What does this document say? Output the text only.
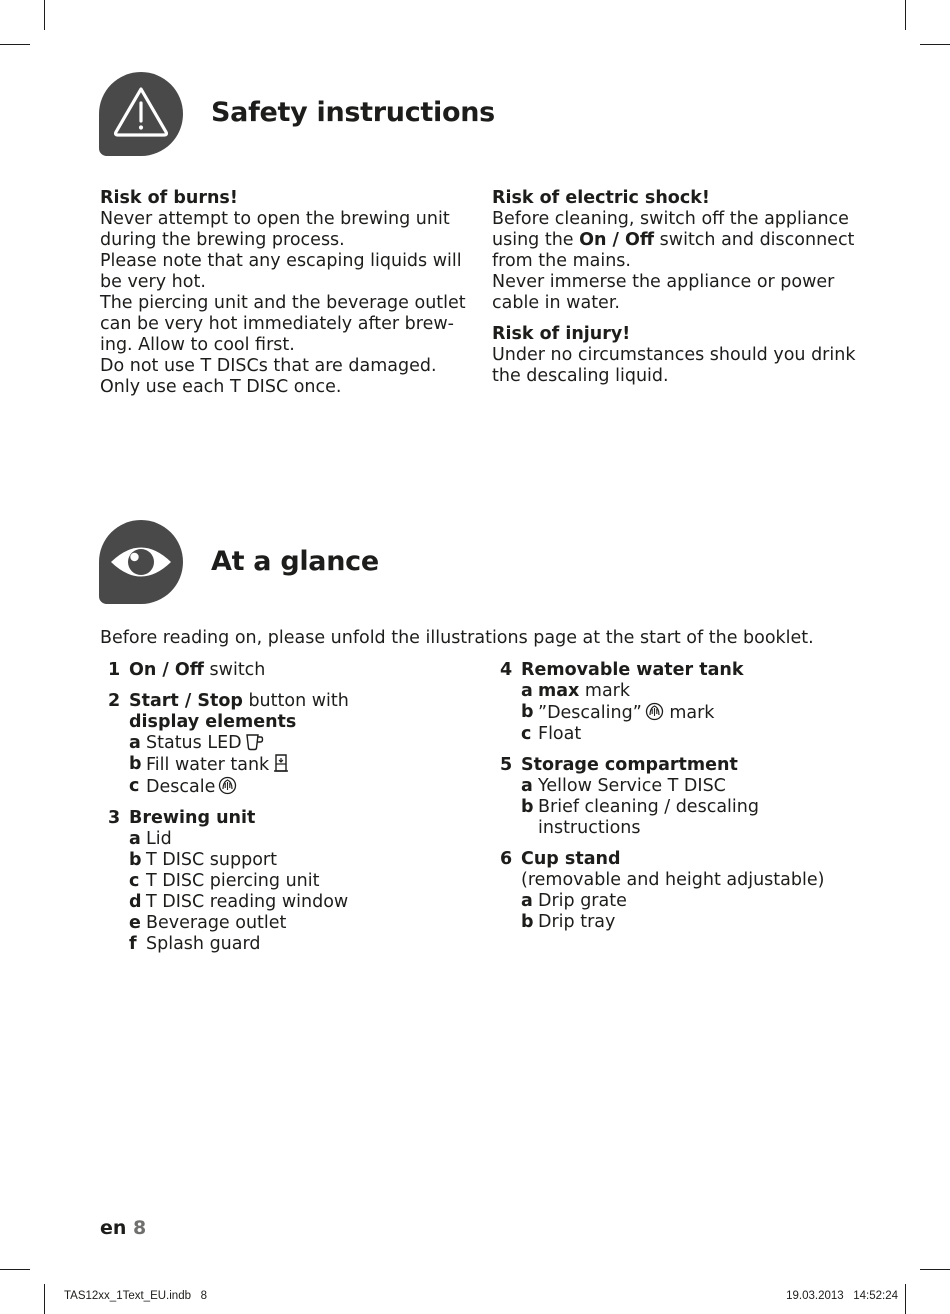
Safety instructions

Risk of burns!

Never attempt to open the brewing unit

during the brewing process.

Please note that any escaping liquids will

be very hot.

The piercing unit and the beverage outlet

can be very hot immediately after brew-

ing. Allow to cool first.

Do not use T DISCs that are damaged.

Only use each T DISC once.

Risk of electric shock!

Before cleaning, switch off the appliance

using the On / Off switch and disconnect

from the mains.

Never immerse the appliance or power

cable in water.

Risk of injury!

Under no circumstances should you drink

the descaling liquid.

At a glance
Before reading on, please unfold the illustrations page at the start of the booklet.
1 On / Off switch
2 Start / Stop button with
display elements
a Status LED
b Fill water tank
c Descale
3 Brewing unit
a Lid
b T DISC support
c T DISC piercing unit
d T DISC reading window
e Beverage outlet
f Splash guard
4 Removable water tank
a max mark
b ”Descaling” mark
c Float
5 Storage compartment
a Yellow Service T DISC
b Brief cleaning / descaling
instructions
6 Cup stand
(removable and height adjustable)
a Drip grate
b Drip tray
en 8
TAS12xx_1Text_EU.indb   8	19.03.2013   14:52:24
